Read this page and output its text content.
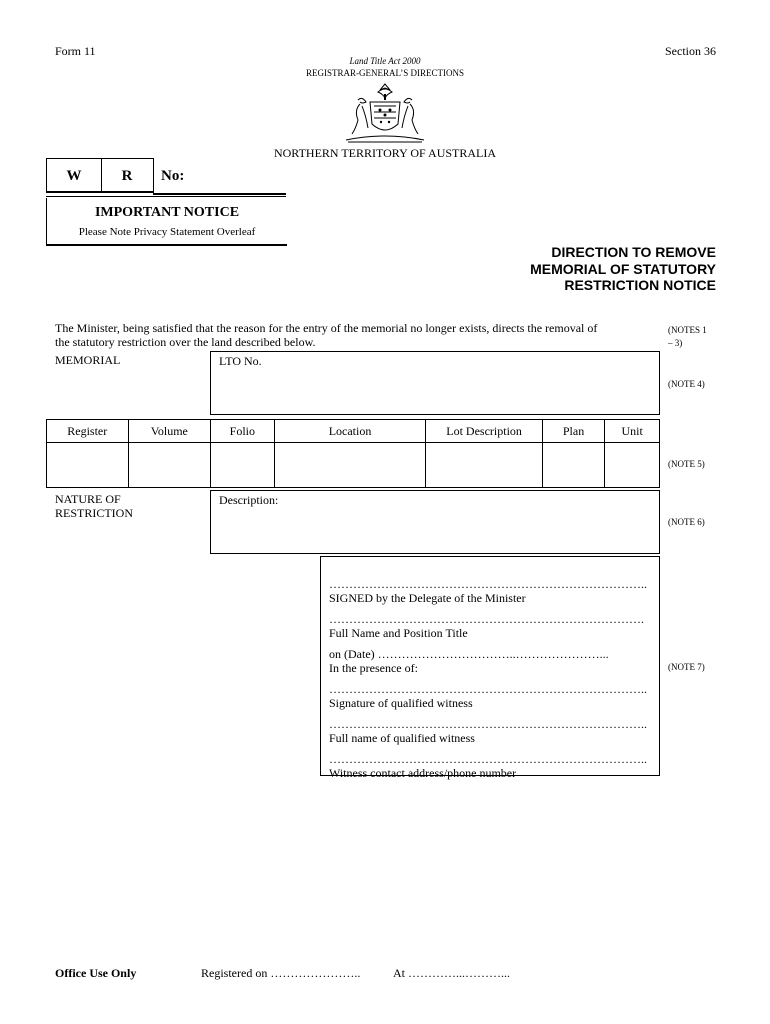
Form 11	Section 36
Land Title Act 2000
REGISTRAR-GENERAL’S DIRECTIONS
NORTHERN TERRITORY OF AUSTRALIA
W	R	No:
IMPORTANT NOTICE
Please Note Privacy Statement Overleaf
DIRECTION TO REMOVE
MEMORIAL OF STATUTORY
RESTRICTION NOTICE
The Minister, being satisfied that the reason for the entry of the memorial no longer exists, directs the removal of
the statutory restriction over the land described below.
(NOTES 1
– 3)
MEMORIAL	LTO No.
(NOTE 4)
Register	Volume	Folio	Location	Lot Description	Plan	Unit

(NOTE 5)
NATURE OF
RESTRICTION
Description:
(NOTE 6)
……………………………………………………………………..
SIGNED by the Delegate of the Minister
…………………………………………………………………….
Full Name and Position Title
on (Date) ……………………………..…………………...
In the presence of:
……………………………………………………………………..
Signature of qualified witness
……………………………………………………………………..
Full name of qualified witness
……………………………………………………………………..
Witness contact address/phone number
(NOTE 7)
Office Use Only	Registered on …………………..	At …………...………...
